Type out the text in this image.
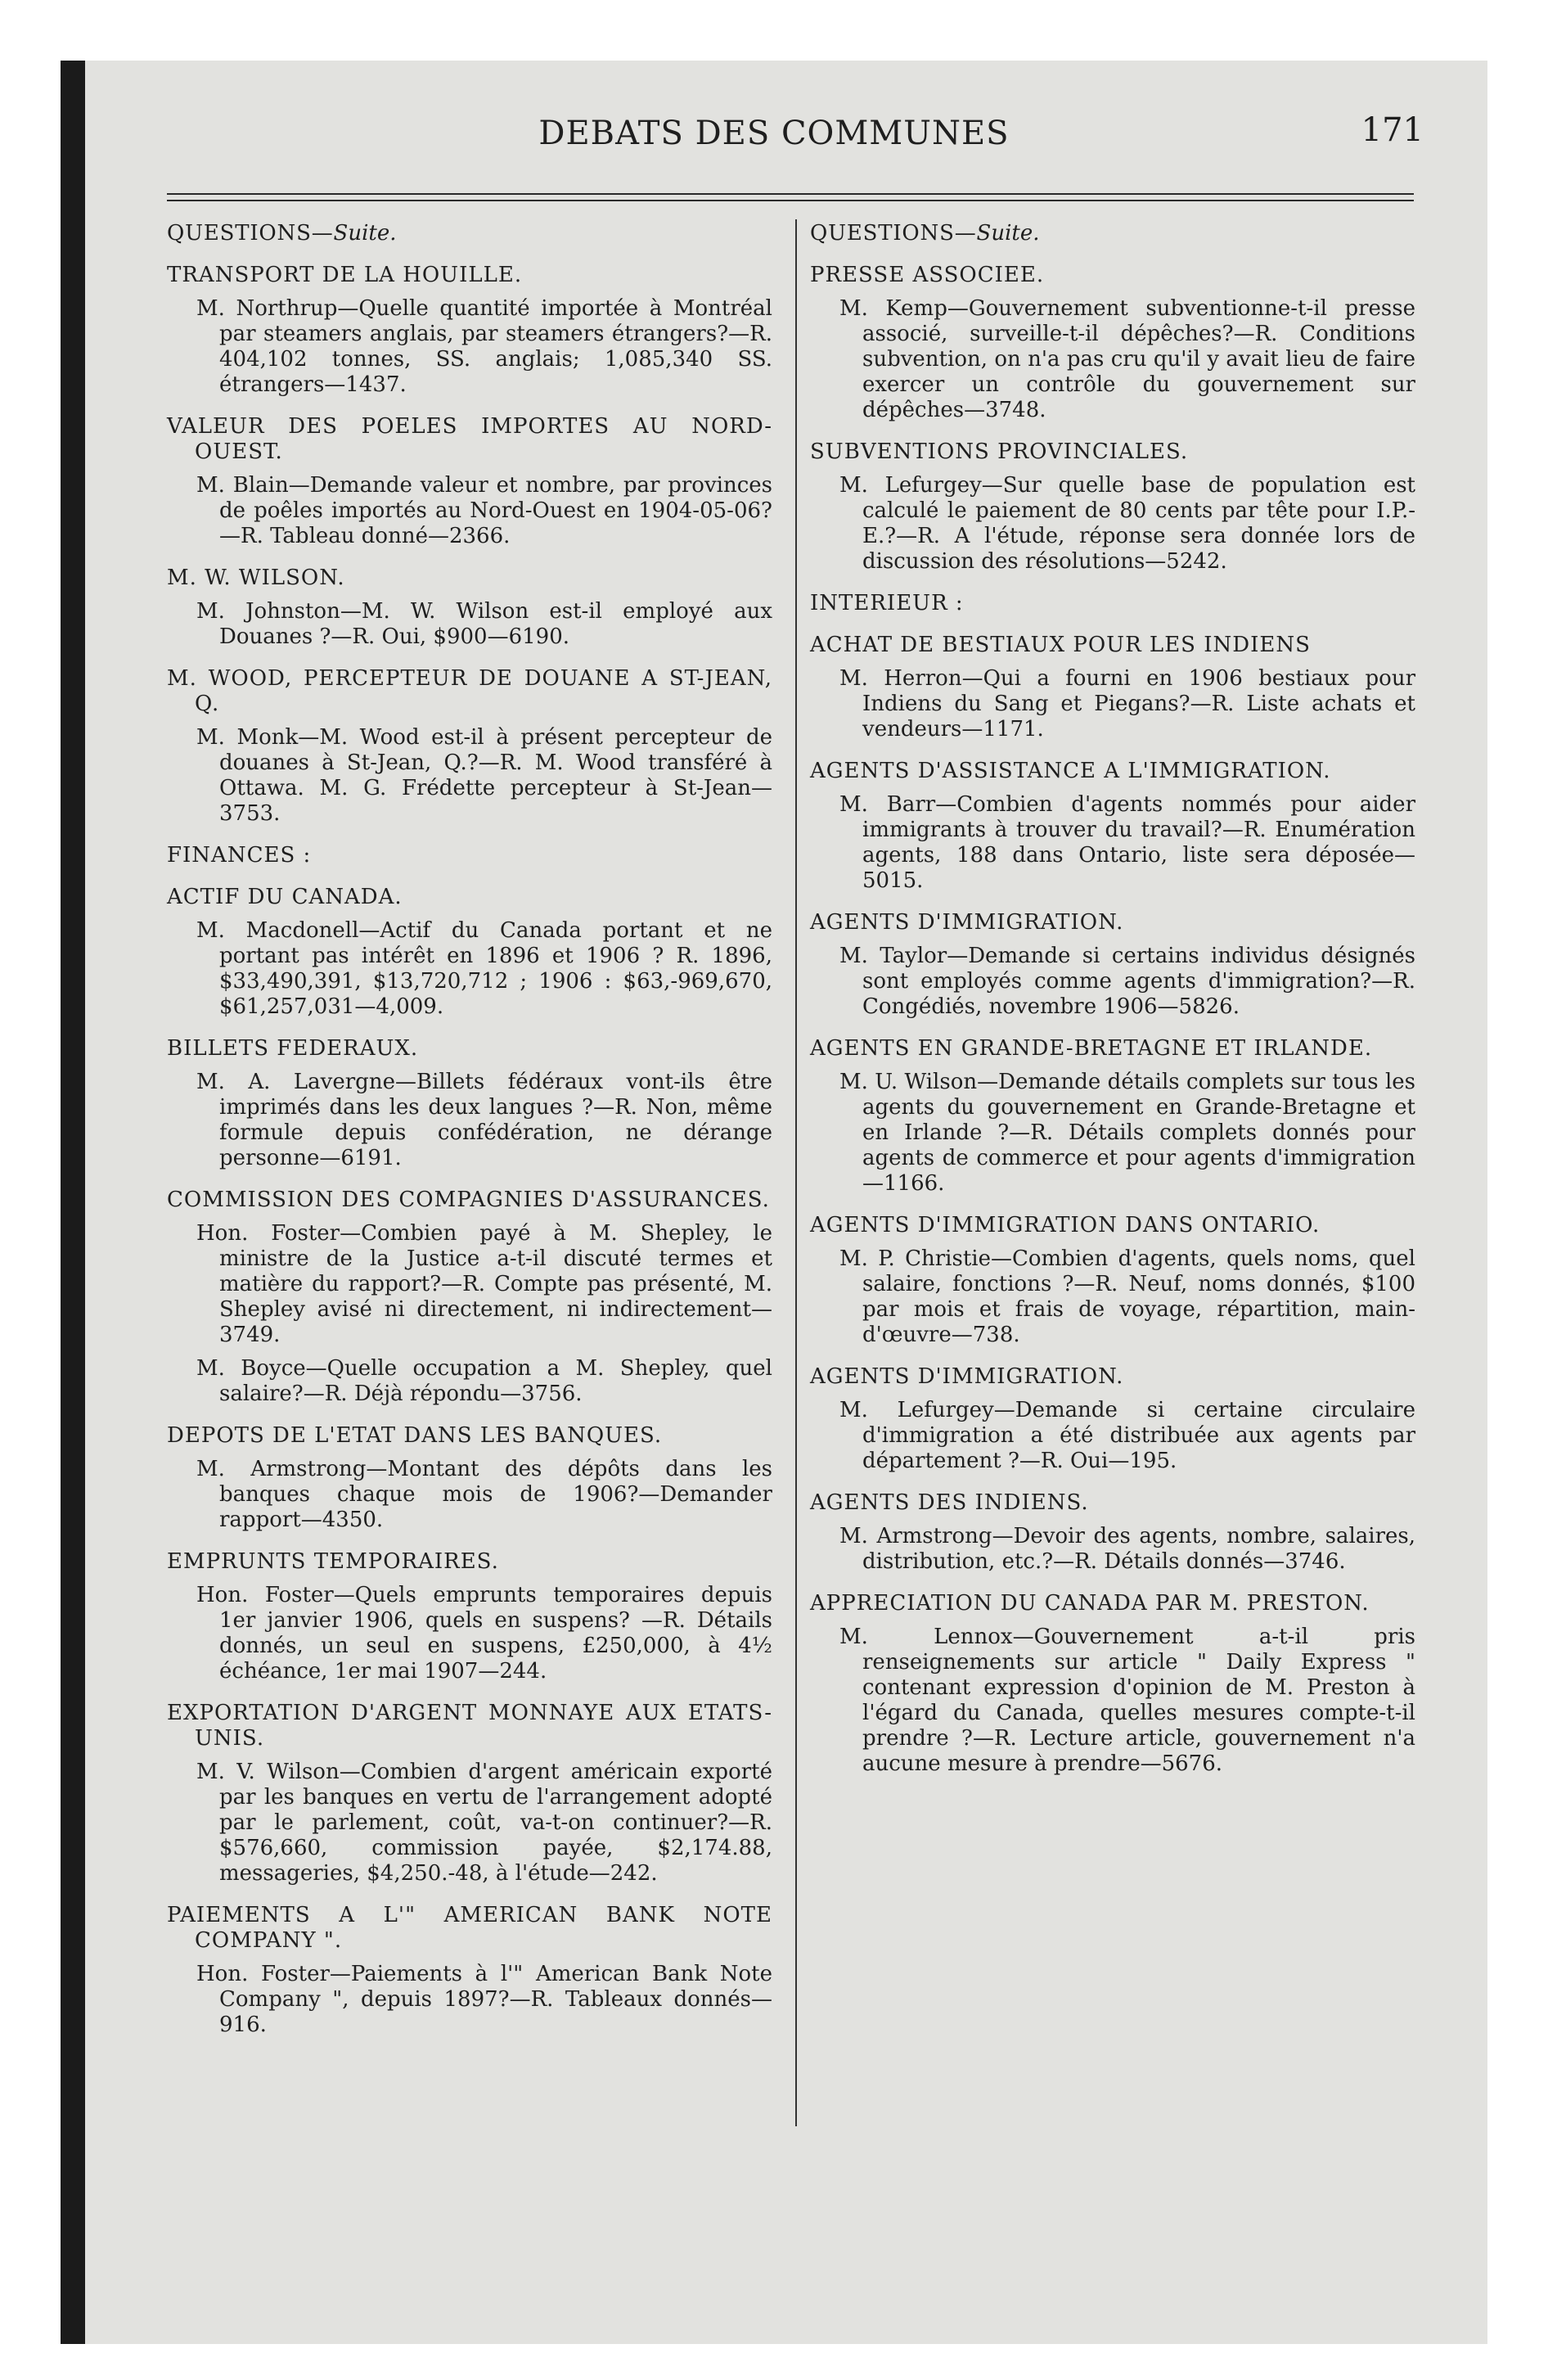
DEBATS DES COMMUNES	171
QUESTIONS—Suite.
TRANSPORT DE LA HOUILLE.
M. Northrup—Quelle quantité importée à Montréal par steamers anglais, par steamers étrangers?—R. 404,102 tonnes, SS. anglais; 1,085,340 SS. étrangers—1437.
VALEUR DES POELES IMPORTES AU NORD-OUEST.
M. Blain—Demande valeur et nombre, par provinces de poêles importés au Nord-Ouest en 1904-05-06?—R. Tableau donné—2366.
M. W. WILSON.
M. Johnston—M. W. Wilson est-il employé aux Douanes ?—R. Oui, $900—6190.
M. WOOD, PERCEPTEUR DE DOUANE A ST-JEAN, Q.
M. Monk—M. Wood est-il à présent percepteur de douanes à St-Jean, Q.?—R. M. Wood transféré à Ottawa. M. G. Frédette percepteur à St-Jean—3753.
FINANCES :
ACTIF DU CANADA.
M. Macdonell—Actif du Canada portant et ne portant pas intérêt en 1896 et 1906 ? R. 1896, $33,490,391, $13,720,712 ; 1906 : $63,-969,670, $61,257,031—4,009.
BILLETS FEDERAUX.
M. A. Lavergne—Billets fédéraux vont-ils être imprimés dans les deux langues ?—R. Non, même formule depuis confédération, ne dérange personne—6191.
COMMISSION DES COMPAGNIES D'ASSURANCES.
Hon. Foster—Combien payé à M. Shepley, le ministre de la Justice a-t-il discuté termes et matière du rapport?—R. Compte pas présenté, M. Shepley avisé ni directement, ni indirectement—3749.
M. Boyce—Quelle occupation a M. Shepley, quel salaire?—R. Déjà répondu—3756.
DEPOTS DE L'ETAT DANS LES BANQUES.
M. Armstrong—Montant des dépôts dans les banques chaque mois de 1906?—Demander rapport—4350.
EMPRUNTS TEMPORAIRES.
Hon. Foster—Quels emprunts temporaires depuis 1er janvier 1906, quels en suspens? —R. Détails donnés, un seul en suspens, £250,000, à 4½ échéance, 1er mai 1907—244.
EXPORTATION D'ARGENT MONNAYE AUX ETATS-UNIS.
M. V. Wilson—Combien d'argent américain exporté par les banques en vertu de l'arrangement adopté par le parlement, coût, va-t-on continuer?—R. $576,660, commission payée, $2,174.88, messageries, $4,250.-48, à l'étude—242.
PAIEMENTS A L'" AMERICAN BANK NOTE COMPANY ".
Hon. Foster—Paiements à l'" American Bank Note Company ", depuis 1897?—R. Tableaux donnés—916.
QUESTIONS—Suite.
PRESSE ASSOCIEE.
M. Kemp—Gouvernement subventionne-t-il presse associé, surveille-t-il dépêches?—R. Conditions subvention, on n'a pas cru qu'il y avait lieu de faire exercer un contrôle du gouvernement sur dépêches—3748.
SUBVENTIONS PROVINCIALES.
M. Lefurgey—Sur quelle base de population est calculé le paiement de 80 cents par tête pour I.P.-E.?—R. A l'étude, réponse sera donnée lors de discussion des résolutions—5242.
INTERIEUR :
ACHAT DE BESTIAUX POUR LES INDIENS
M. Herron—Qui a fourni en 1906 bestiaux pour Indiens du Sang et Piegans?—R. Liste achats et vendeurs—1171.
AGENTS D'ASSISTANCE A L'IMMIGRATION.
M. Barr—Combien d'agents nommés pour aider immigrants à trouver du travail?—R. Enumération agents, 188 dans Ontario, liste sera déposée—5015.
AGENTS D'IMMIGRATION.
M. Taylor—Demande si certains individus désignés sont employés comme agents d'immigration?—R. Congédiés, novembre 1906—5826.
AGENTS EN GRANDE-BRETAGNE ET IRLANDE.
M. U. Wilson—Demande détails complets sur tous les agents du gouvernement en Grande-Bretagne et en Irlande ?—R. Détails complets donnés pour agents de commerce et pour agents d'immigration—1166.
AGENTS D'IMMIGRATION DANS ONTARIO.
M. P. Christie—Combien d'agents, quels noms, quel salaire, fonctions ?—R. Neuf, noms donnés, $100 par mois et frais de voyage, répartition, main-d'œuvre—738.
AGENTS D'IMMIGRATION.
M. Lefurgey—Demande si certaine circulaire d'immigration a été distribuée aux agents par département ?—R. Oui—195.
AGENTS DES INDIENS.
M. Armstrong—Devoir des agents, nombre, salaires, distribution, etc.?—R. Détails donnés—3746.
APPRECIATION DU CANADA PAR M. PRESTON.
M. Lennox—Gouvernement a-t-il pris renseignements sur article " Daily Express " contenant expression d'opinion de M. Preston à l'égard du Canada, quelles mesures compte-t-il prendre ?—R. Lecture article, gouvernement n'a aucune mesure à prendre—5676.
